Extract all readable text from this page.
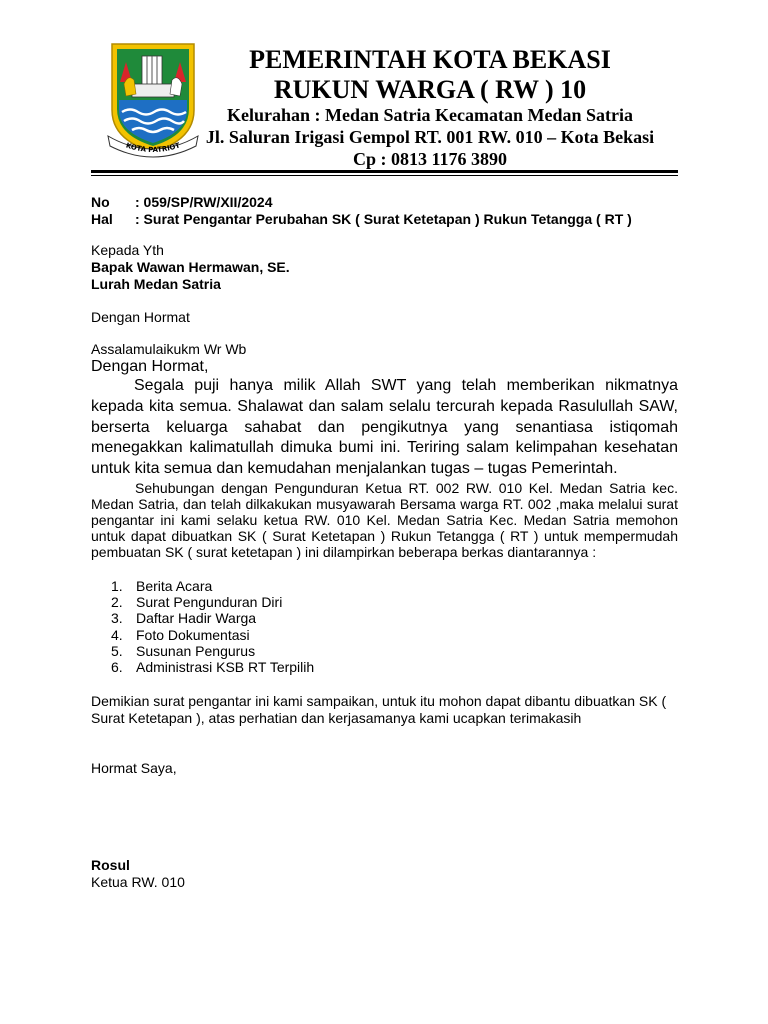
KOTA PATRIOT
PEMERINTAH KOTA BEKASI
RUKUN WARGA ( RW ) 10
Kelurahan : Medan Satria Kecamatan Medan Satria
Jl. Saluran Irigasi Gempol RT. 001 RW. 010 – Kota Bekasi
Cp : 0813 1176 3890
No : 059/SP/RW/XII/2024
Hal : Surat Pengantar Perubahan SK ( Surat Ketetapan ) Rukun Tetangga ( RT )
Kepada Yth
Bapak Wawan Hermawan, SE.
Lurah Medan Satria
Dengan Hormat
Assalamulaikukm Wr Wb
Dengan Hormat,
Segala puji hanya milik Allah SWT yang telah memberikan nikmatnya kepada kita semua. Shalawat dan salam selalu tercurah kepada Rasulullah SAW, berserta keluarga sahabat dan pengikutnya yang senantiasa istiqomah menegakkan kalimatullah dimuka bumi ini. Teriring salam kelimpahan kesehatan untuk kita semua dan kemudahan menjalankan tugas – tugas Pemerintah.
Sehubungan dengan Pengunduran Ketua RT. 002 RW. 010 Kel. Medan Satria kec. Medan Satria, dan telah dilkakukan musyawarah Bersama warga RT. 002 ,maka melalui surat pengantar ini kami selaku ketua RW. 010 Kel. Medan Satria Kec. Medan Satria memohon untuk dapat dibuatkan SK ( Surat Ketetapan ) Rukun Tetangga ( RT ) untuk mempermudah pembuatan SK ( surat ketetapan ) ini dilampirkan beberapa berkas diantarannya :
1. Berita Acara
2. Surat Pengunduran Diri
3. Daftar Hadir Warga
4. Foto Dokumentasi
5. Susunan Pengurus
6. Administrasi KSB RT Terpilih
Demikian surat pengantar ini kami sampaikan, untuk itu mohon dapat dibantu dibuatkan SK ( Surat Ketetapan ), atas perhatian dan kerjasamanya kami ucapkan terimakasih
Hormat Saya,
Rosul
Ketua RW. 010
